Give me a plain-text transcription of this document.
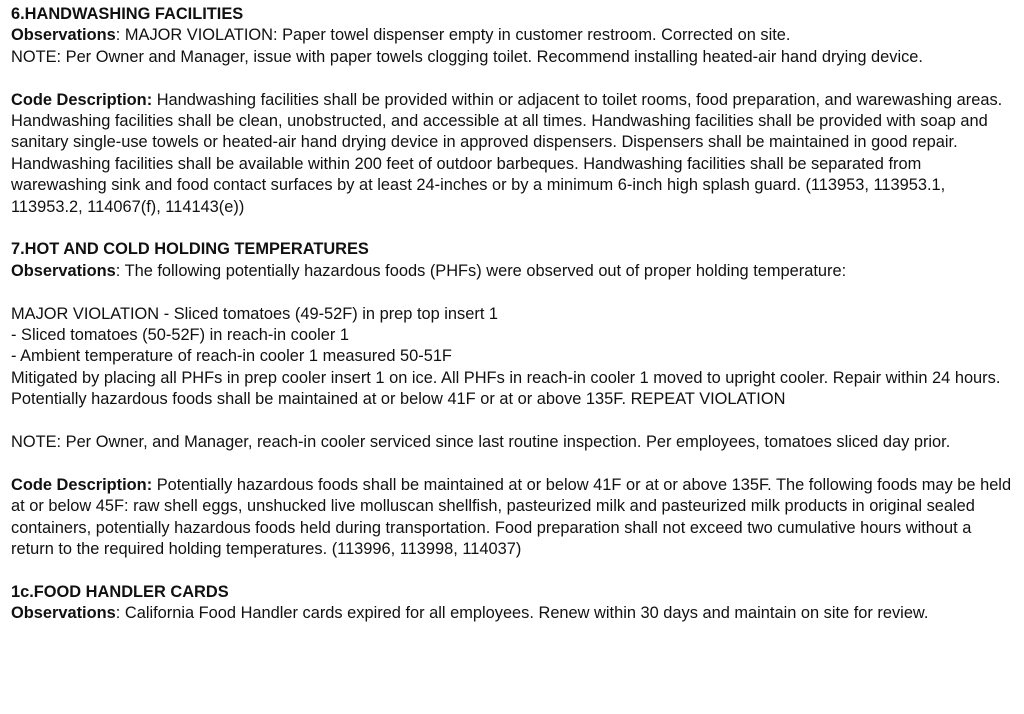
6.HANDWASHING FACILITIES
Observations: MAJOR VIOLATION: Paper towel dispenser empty in customer restroom. Corrected on site.
NOTE: Per Owner and Manager, issue with paper towels clogging toilet. Recommend installing heated-air hand drying device.
Code Description: Handwashing facilities shall be provided within or adjacent to toilet rooms, food preparation, and warewashing areas. Handwashing facilities shall be clean, unobstructed, and accessible at all times. Handwashing facilities shall be provided with soap and sanitary single-use towels or heated-air hand drying device in approved dispensers. Dispensers shall be maintained in good repair. Handwashing facilities shall be available within 200 feet of outdoor barbeques. Handwashing facilities shall be separated from warewashing sink and food contact surfaces by at least 24-inches or by a minimum 6-inch high splash guard. (113953, 113953.1, 113953.2, 114067(f), 114143(e))
7.HOT AND COLD HOLDING TEMPERATURES
Observations: The following potentially hazardous foods (PHFs) were observed out of proper holding temperature:
MAJOR VIOLATION - Sliced tomatoes (49-52F) in prep top insert 1
- Sliced tomatoes (50-52F) in reach-in cooler 1
- Ambient temperature of reach-in cooler 1 measured 50-51F
Mitigated by placing all PHFs in prep cooler insert 1 on ice. All PHFs in reach-in cooler 1 moved to upright cooler. Repair within 24 hours. Potentially hazardous foods shall be maintained at or below 41F or at or above 135F. REPEAT VIOLATION
NOTE: Per Owner, and Manager, reach-in cooler serviced since last routine inspection. Per employees, tomatoes sliced day prior.
Code Description: Potentially hazardous foods shall be maintained at or below 41F or at or above 135F. The following foods may be held at or below 45F: raw shell eggs, unshucked live molluscan shellfish, pasteurized milk and pasteurized milk products in original sealed containers, potentially hazardous foods held during transportation. Food preparation shall not exceed two cumulative hours without a return to the required holding temperatures. (113996, 113998, 114037)
1c.FOOD HANDLER CARDS
Observations: California Food Handler cards expired for all employees. Renew within 30 days and maintain on site for review.
